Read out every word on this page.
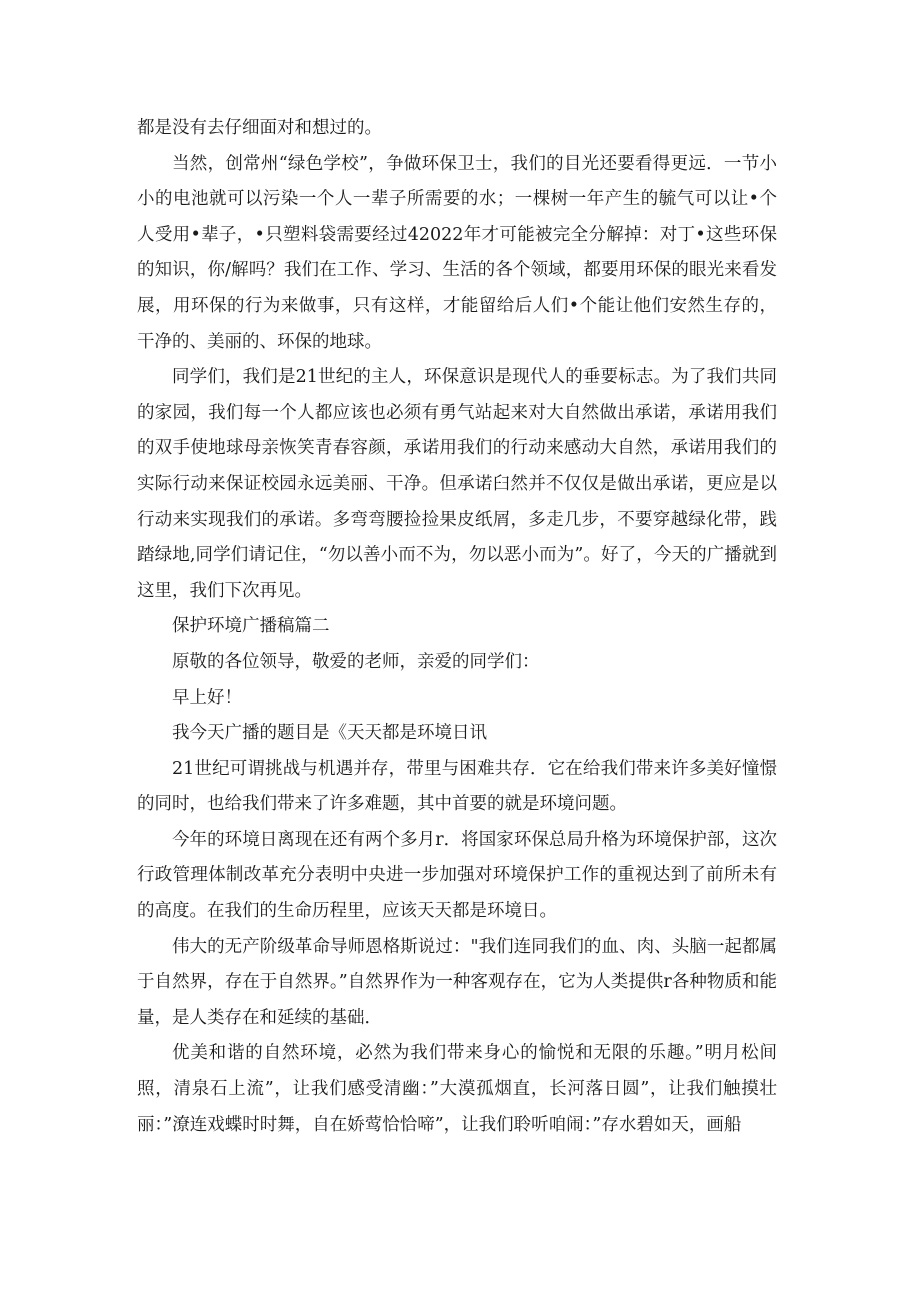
都是没有去仔细面对和想过的。

当然，创常州“绿色学校”，争做环保卫士，我们的目光还要看得更远．一节小小的电池就可以污染一个人一辈子所需要的水；一棵树一年产生的毓气可以让•个人受用•辈子，•只塑料袋需要经过42022年才可能被完全分解掉：对丁•这些环保的知识，你/解吗？我们在工作、学习、生活的各个领域，都要用环保的眼光来看发展，用环保的行为来做事，只有这样，才能留给后人们•个能让他们安然生存的，干净的、美丽的、环保的地球。

同学们，我们是21世纪的主人，环保意识是现代人的垂要标志。为了我们共同的家园，我们每一个人都应该也必须有勇气站起来对大自然做出承诺，承诺用我们的双手使地球母亲恢笑青春容颜，承诺用我们的行动来感动大自然，承诺用我们的实际行动来保证校园永远美丽、干净。但承诺臼然并不仅仅是做出承诺，更应是以行动来实现我们的承诺。多弯弯腰捡捡果皮纸屑，多走几步，不要穿越绿化带，践踏绿地,同学们请记住，“勿以善小而不为，勿以恶小而为”。好了，今天的广播就到这里，我们下次再见。

保护环境广播稿篇二

原敬的各位领导，敬爱的老师，亲爱的同学们：

早上好！

我今天广播的题目是《天天都是环境日讯

21世纪可谓挑战与机遇并存，带里与困难共存．它在给我们带来许多美好憧憬的同时，也给我们带来了许多难题，其中首要的就是环境问题。

今年的环境日离现在还有两个多月r．将国家环保总局升格为环境保护部，这次行政管理体制改革充分表明中央进一步加强对环境保护工作的重视达到了前所未有的高度。在我们的生命历程里，应该天天都是环境日。

伟大的无产阶级革命导师恩格斯说过："我们连同我们的血、肉、头脑一起都属于自然界，存在于自然界。”自然界作为一种客观存在，它为人类提供r各种物质和能量，是人类存在和延续的基础．

优美和谐的自然环境，必然为我们带来身心的愉悦和无限的乐趣。”明月松间照，清泉石上流”，让我们感受清幽：”大漠孤烟直，长河落日圆”，让我们触摸壮丽：”潦连戏蝶时时舞，自在娇莺恰恰啼”，让我们聆听咱闹：”存水碧如天，画船
